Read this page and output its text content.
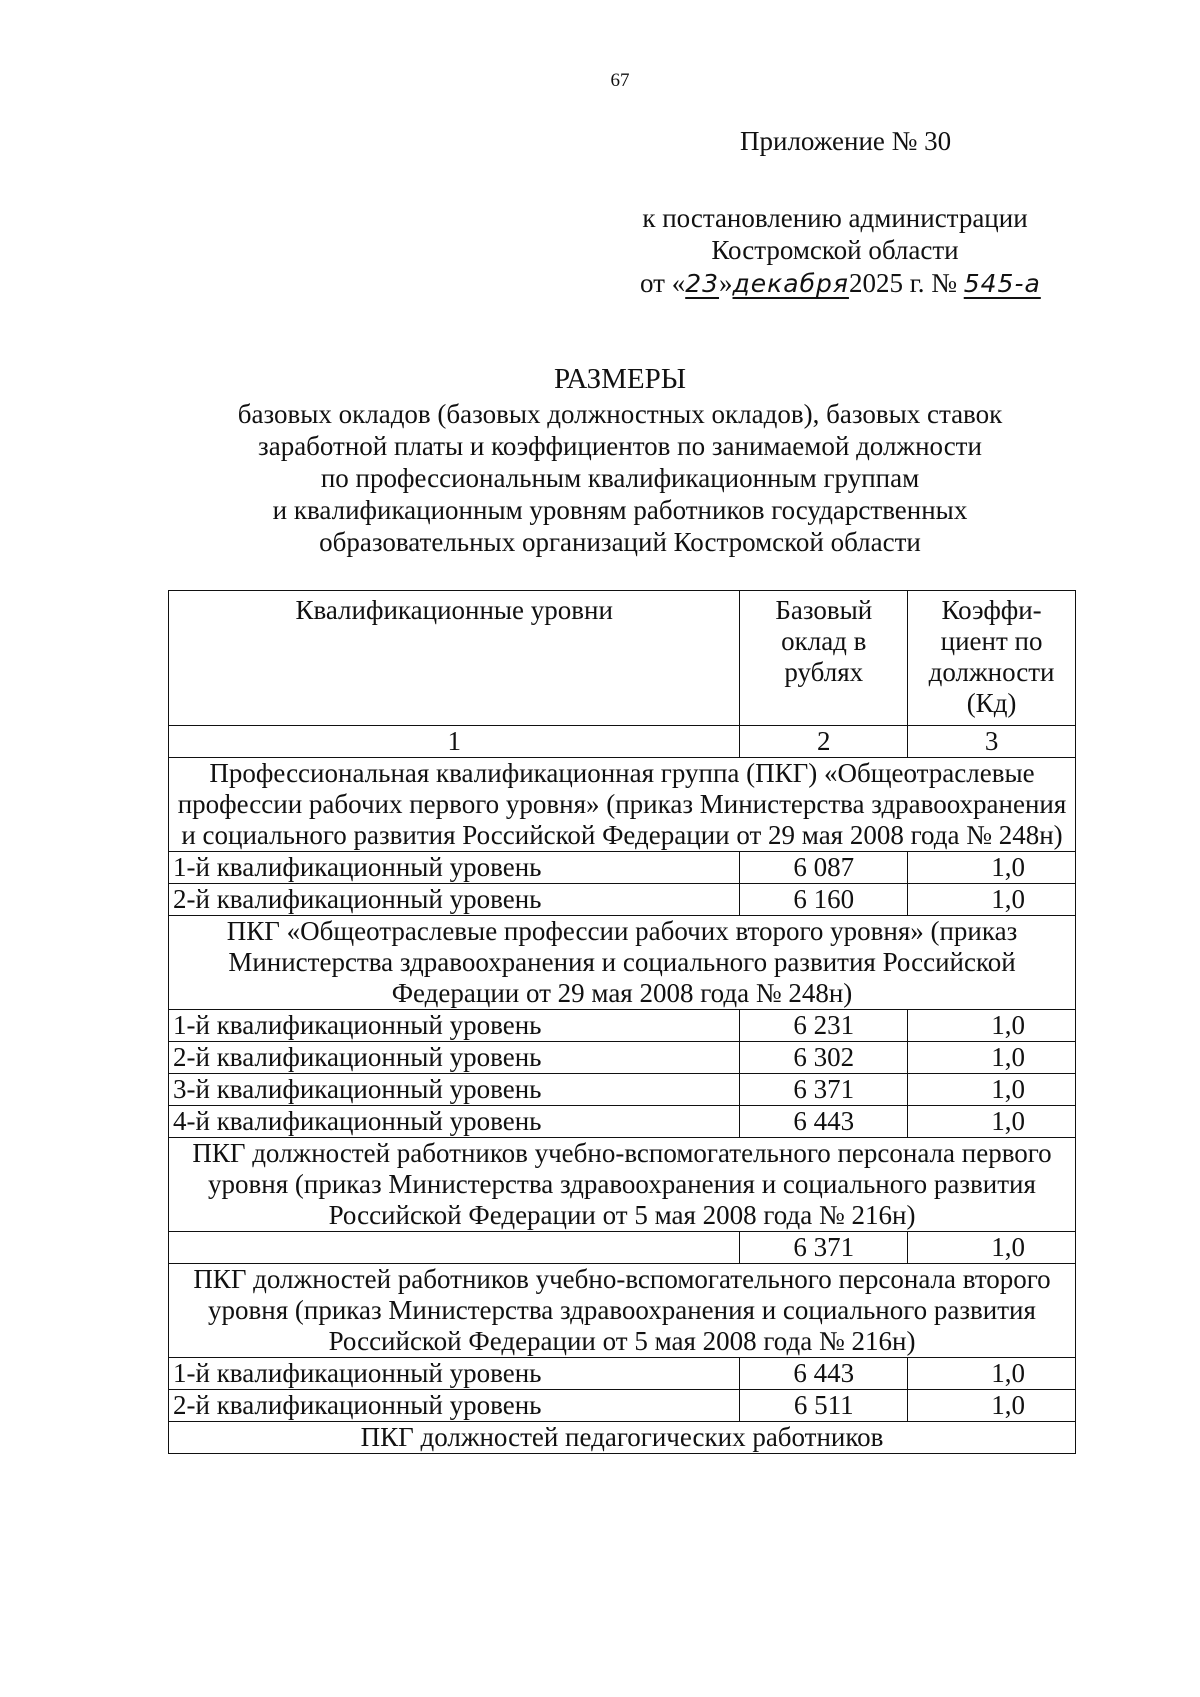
67
Приложение № 30
к постановлению администрации
Костромской области
от «23»декабря2025 г. № 545-а
РАЗМЕРЫ
базовых окладов (базовых должностных окладов), базовых ставок
заработной платы и коэффициентов по занимаемой должности
по профессиональным квалификационным группам
и квалификационным уровням работников государственных
образовательных организаций Костромской области
Квалификационные уровни	Базовый оклад в рублях	Коэффи-циент по должности (Кд)
1	2	3
Профессиональная квалификационная группа (ПКГ) «Общеотраслевые профессии рабочих первого уровня» (приказ Министерства здравоохранения и социального развития Российской Федерации от 29 мая 2008 года № 248н)		
1-й квалификационный уровень	6 087	1,0
2-й квалификационный уровень	6 160	1,0
ПКГ «Общеотраслевые профессии рабочих второго уровня» (приказ Министерства здравоохранения и социального развития Российской Федерации от 29 мая 2008 года № 248н)		
1-й квалификационный уровень	6 231	1,0
2-й квалификационный уровень	6 302	1,0
3-й квалификационный уровень	6 371	1,0
4-й квалификационный уровень	6 443	1,0
ПКГ должностей работников учебно-вспомогательного персонала первого уровня (приказ Министерства здравоохранения и социального развития Российской Федерации от 5 мая 2008 года № 216н)		
	6 371	1,0
ПКГ должностей работников учебно-вспомогательного персонала второго уровня (приказ Министерства здравоохранения и социального развития Российской Федерации от 5 мая 2008 года № 216н)		
1-й квалификационный уровень	6 443	1,0
2-й квалификационный уровень	6 511	1,0
ПКГ должностей педагогических работников		
